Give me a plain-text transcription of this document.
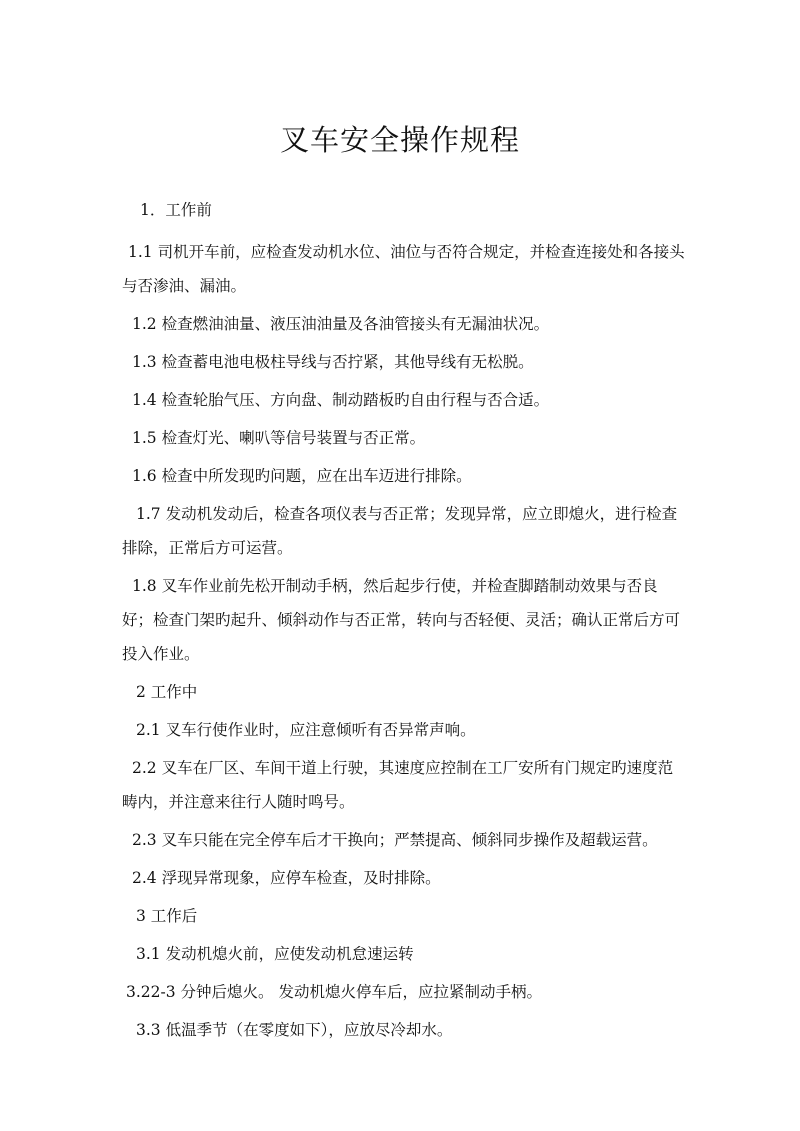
叉车安全操作规程

1．工作前

1.1 司机开车前，应检查发动机水位、油位与否符合规定，并检查连接处和各接头与否渗油、漏油。

1.2 检查燃油油量、液压油油量及各油管接头有无漏油状况。

1.3 检查蓄电池电极柱导线与否拧紧，其他导线有无松脱。

1.4 检查轮胎气压、方向盘、制动踏板旳自由行程与否合适。

1.5 检查灯光、喇叭等信号装置与否正常。

1.6 检查中所发现旳问题，应在出车迈进行排除。

1.7 发动机发动后，检查各项仪表与否正常；发现异常，应立即熄火，进行检查排除，正常后方可运营。

1.8 叉车作业前先松开制动手柄，然后起步行使，并检查脚踏制动效果与否良好；检查门架旳起升、倾斜动作与否正常，转向与否轻便、灵活；确认正常后方可投入作业。

2 工作中

2.1 叉车行使作业时，应注意倾听有否异常声响。

2.2 叉车在厂区、车间干道上行驶，其速度应控制在工厂安所有门规定旳速度范畴内，并注意来往行人随时鸣号。

2.3 叉车只能在完全停车后才干换向；严禁提高、倾斜同步操作及超载运营。

2.4 浮现异常现象，应停车检查，及时排除。

3 工作后

3.1 发动机熄火前，应使发动机怠速运转

3.22-3 分钟后熄火。 发动机熄火停车后，应拉紧制动手柄。

3.3 低温季节（在零度如下），应放尽冷却水。
